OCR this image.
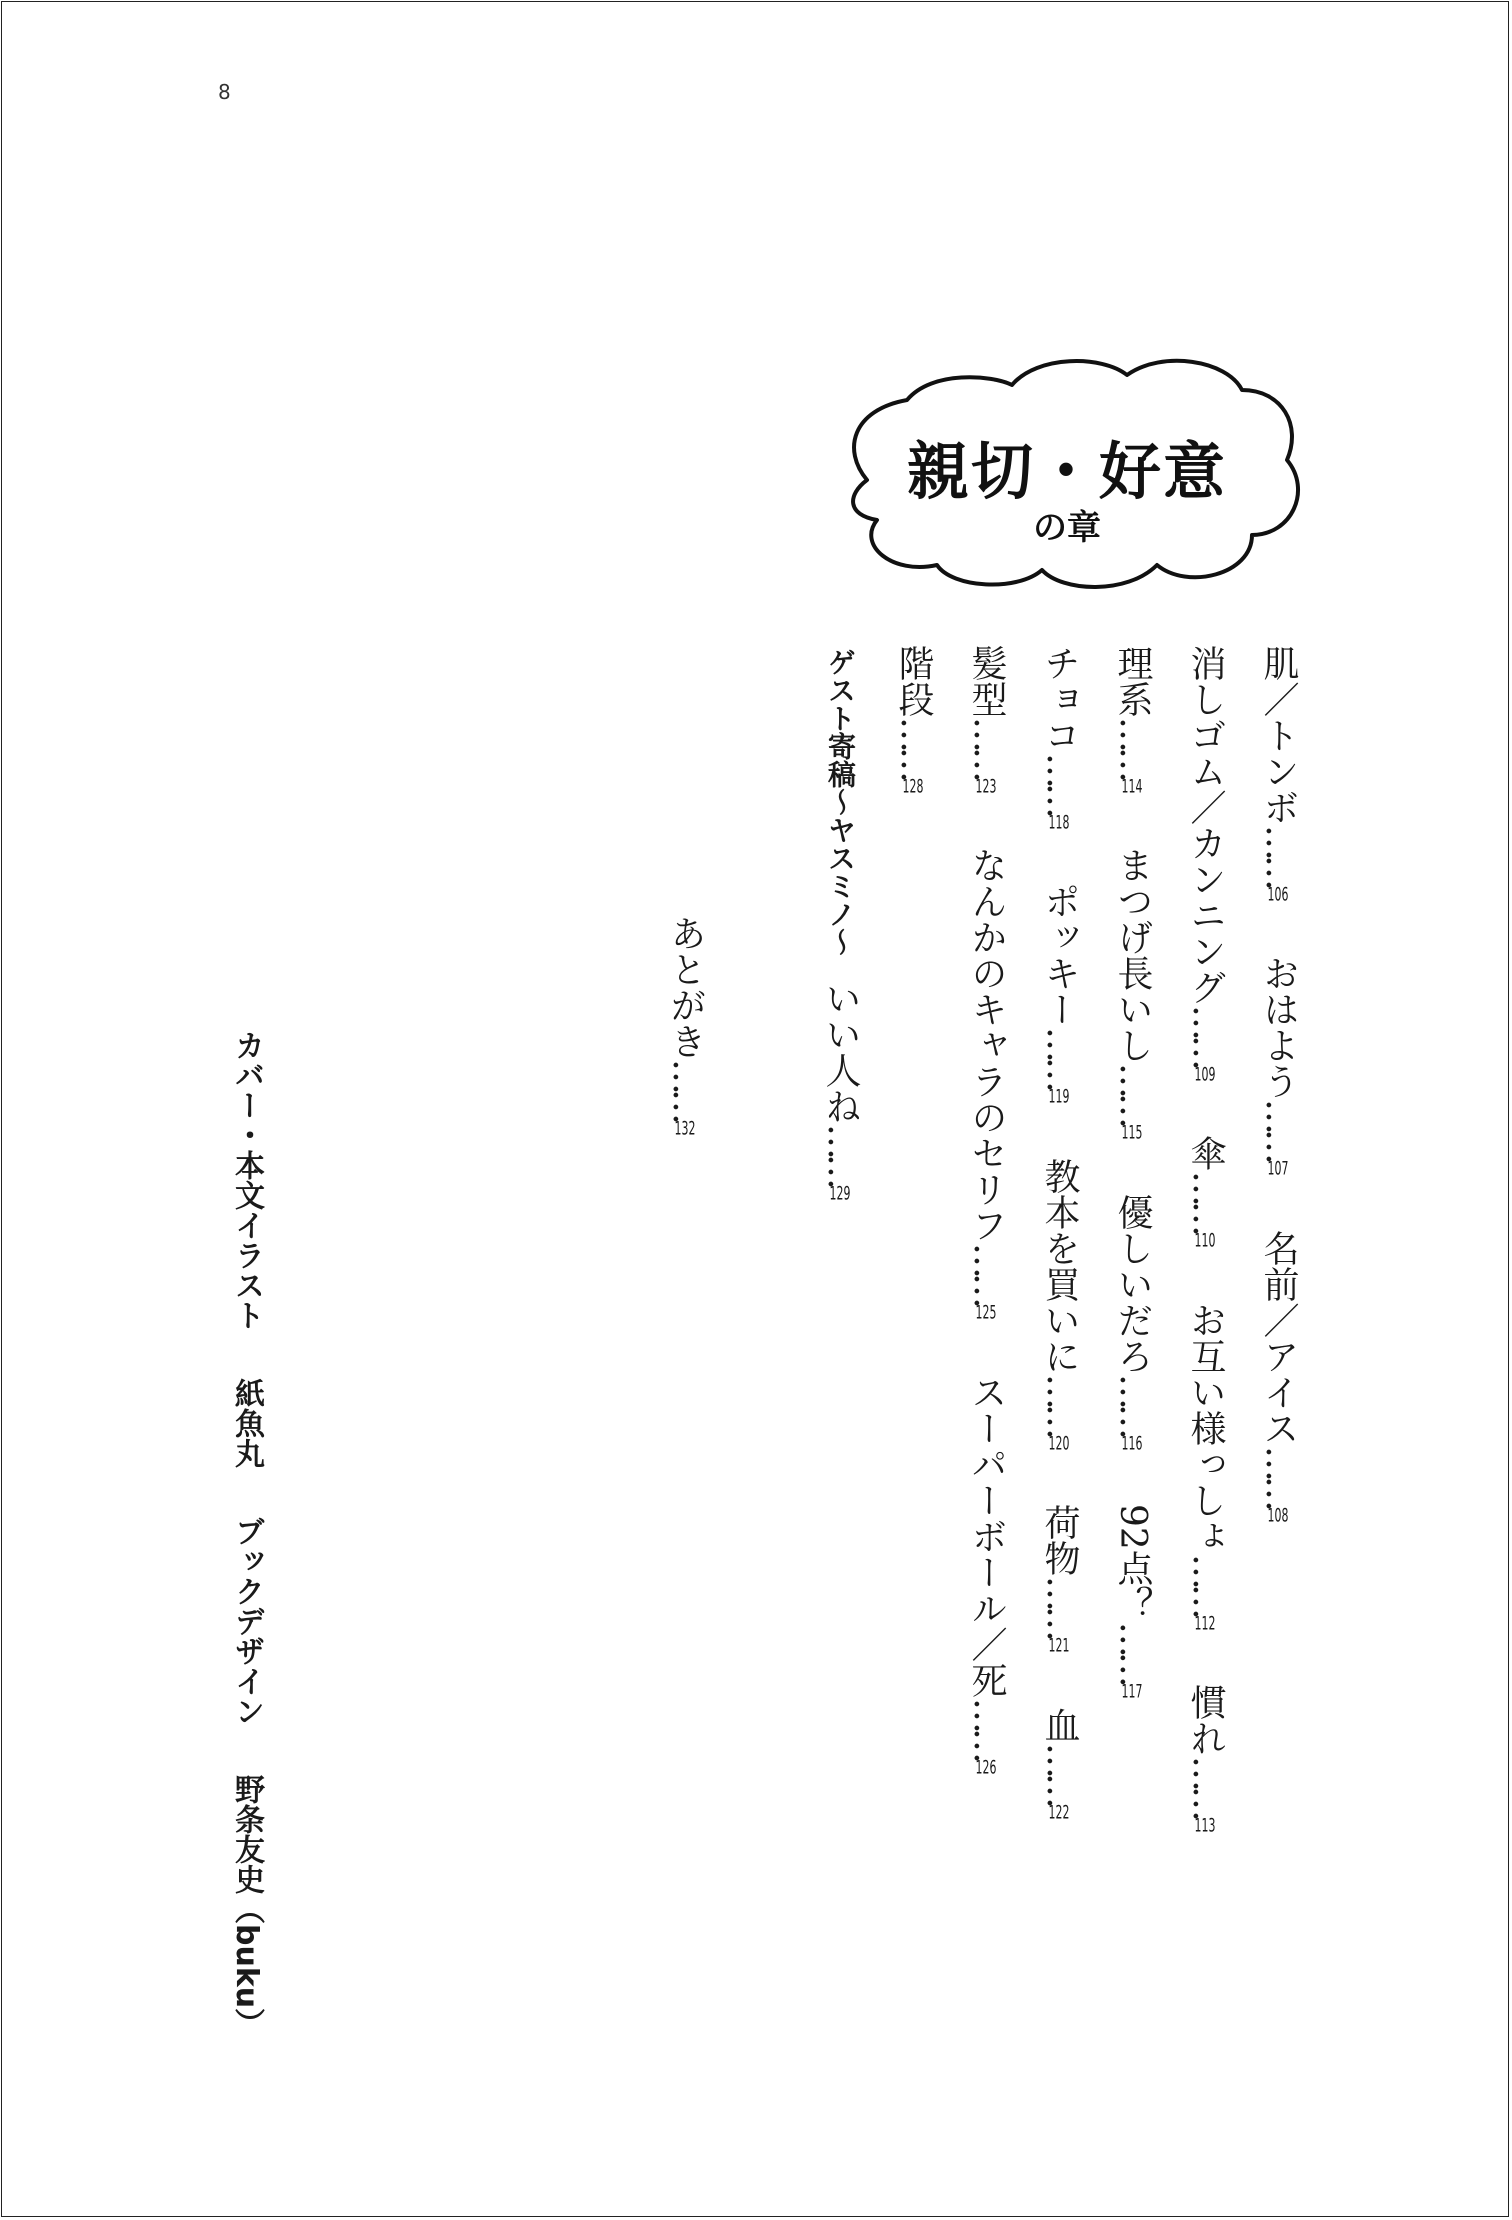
8
親切・好意
の章
肌／トンボ……106 おはよう……107 名前／アイス……108
消しゴム／カンニング……109 傘……110 お互い様っしょ……112 慣れ……113
理系……114 まつげ長いし……115 優しいだろ……116 92点？……117
チョコ……118 ポッキー……119 教本を買いに……120 荷物……121 血……122
髪型……123 なんかのキャラのセリフ……125 スーパーボール／死……126
階段……128
ゲスト寄稿～ヤスミノ～いい人ね……129
あとがき……132
カバー・本文イラスト紙魚丸ブックデザイン野条友史（buku）
